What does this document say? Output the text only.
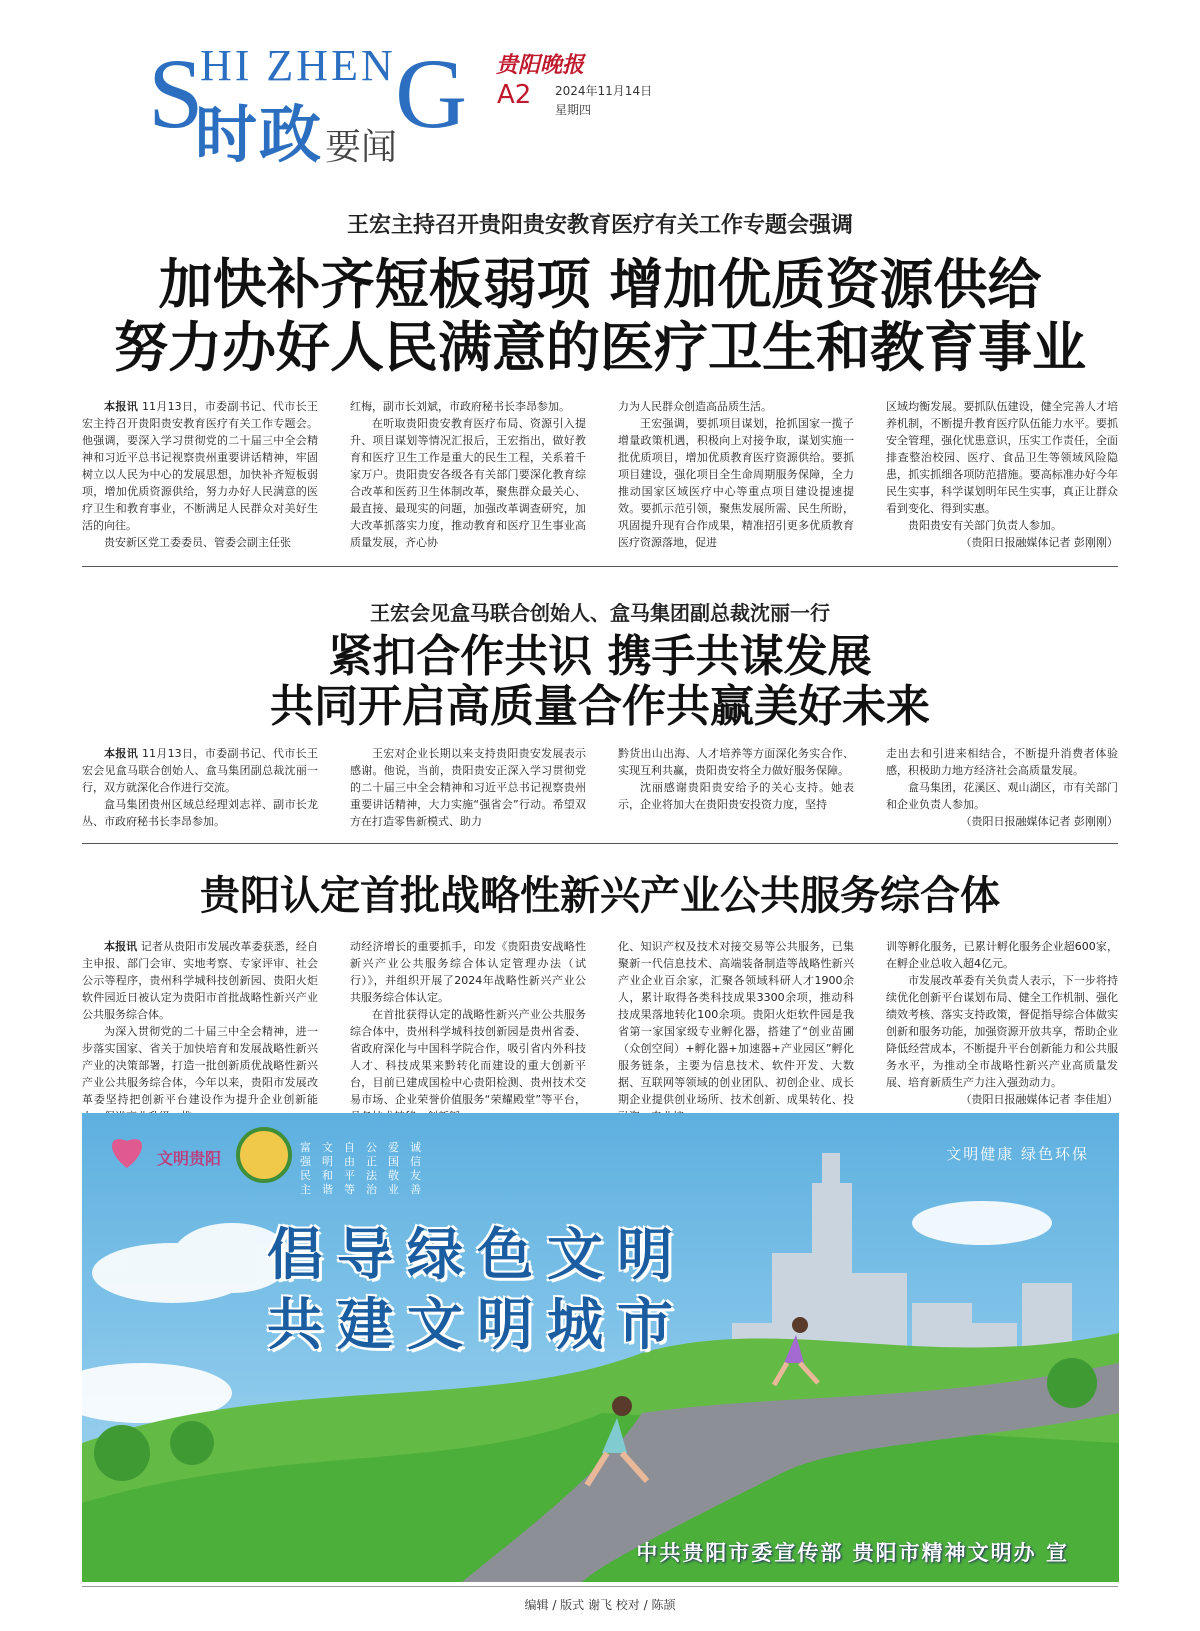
S
HI ZHEN G
时政 要闻
贵阳晚报
A2 2024年11月14日
星期四
王宏主持召开贵阳贵安教育医疗有关工作专题会强调
加快补齐短板弱项 增加优质资源供给
努力办好人民满意的医疗卫生和教育事业

本报讯 11月13日，市委副书记、代市长王宏主持召开贵阳贵安教育医疗有关工作专题会。他强调，要深入学习贯彻党的二十届三中全会精神和习近平总书记视察贵州重要讲话精神，牢固树立以人民为中心的发展思想，加快补齐短板弱项，增加优质资源供给，努力办好人民满意的医疗卫生和教育事业，不断满足人民群众对美好生活的向往。

贵安新区党工委委员、管委会副主任张

红梅，副市长刘斌，市政府秘书长李昂参加。

在听取贵阳贵安教育医疗布局、资源引入提升、项目谋划等情况汇报后，王宏指出，做好教育和医疗卫生工作是重大的民生工程，关系着千家万户。贵阳贵安各级各有关部门要深化教育综合改革和医药卫生体制改革，聚焦群众最关心、最直接、最现实的问题，加强改革调查研究，加大改革抓落实力度，推动教育和医疗卫生事业高质量发展，齐心协

力为人民群众创造高品质生活。

王宏强调，要抓项目谋划，抢抓国家一揽子增量政策机遇，积极向上对接争取，谋划实施一批优质项目，增加优质教育医疗资源供给。要抓项目建设，强化项目全生命周期服务保障，全力推动国家区域医疗中心等重点项目建设提速提效。要抓示范引领，聚焦发展所需、民生所盼，巩固提升现有合作成果，精准招引更多优质教育医疗资源落地，促进

区域均衡发展。要抓队伍建设，健全完善人才培养机制，不断提升教育医疗队伍能力水平。要抓安全管理，强化忧患意识，压实工作责任，全面排查整治校园、医疗、食品卫生等领域风险隐患，抓实抓细各项防范措施。要高标准办好今年民生实事，科学谋划明年民生实事，真正让群众看到变化、得到实惠。

贵阳贵安有关部门负责人参加。

（贵阳日报融媒体记者 彭刚刚）

王宏会见盒马联合创始人、盒马集团副总裁沈丽一行
紧扣合作共识 携手共谋发展
共同开启高质量合作共赢美好未来

本报讯 11月13日，市委副书记、代市长王宏会见盒马联合创始人、盒马集团副总裁沈丽一行，双方就深化合作进行交流。

盒马集团贵州区域总经理刘志祥、副市长龙丛、市政府秘书长李昂参加。

王宏对企业长期以来支持贵阳贵安发展表示感谢。他说，当前，贵阳贵安正深入学习贯彻党的二十届三中全会精神和习近平总书记视察贵州重要讲话精神，大力实施“强省会”行动。希望双方在打造零售新模式、助力

黔货出山出海、人才培养等方面深化务实合作、实现互利共赢，贵阳贵安将全力做好服务保障。

沈丽感谢贵阳贵安给予的关心支持。她表示，企业将加大在贵阳贵安投资力度，坚持

走出去和引进来相结合，不断提升消费者体验感，积极助力地方经济社会高质量发展。

盒马集团，花溪区、观山湖区，市有关部门和企业负责人参加。

（贵阳日报融媒体记者 彭刚刚）

贵阳认定首批战略性新兴产业公共服务综合体

本报讯 记者从贵阳市发展改革委获悉，经自主申报、部门会审、实地考察、专家评审、社会公示等程序，贵州科学城科技创新园、贵阳火炬软件园近日被认定为贵阳市首批战略性新兴产业公共服务综合体。

为深入贯彻党的二十届三中全会精神，进一步落实国家、省关于加快培育和发展战略性新兴产业的决策部署，打造一批创新质优战略性新兴产业公共服务综合体，今年以来，贵阳市发展改革委坚持把创新平台建设作为提升企业创新能

动经济增长的重要抓手，印发《贵阳贵安战略性新兴产业公共服务综合体认定管理办法（试行）》，并组织开展了2024年战略性新兴产业公共服务综合体认定。

在首批获得认定的战略性新兴产业公共服务综合体中，贵州科学城科技创新园是贵州省委、省政府深化与中国科学院合作，吸引省内外科技人才、科技成果来黔转化而建设的重大创新平台，目前已建成国检中心贵阳检测、贵州技术交易市场、企业荣誉价值服务“荣耀殿堂”等平台，

化、知识产权及技术对接交易等公共服务，已集聚新一代信息技术、高端装备制造等战略性新兴产业企业百余家，汇聚各领域科研人才1900余人，累计取得各类科技成果3300余项，推动科技成果落地转化100余项。贵阳火炬软件园是我省第一家国家级专业孵化器，搭建了“创业苗圃（众创空间）+孵化器+加速器+产业园区”孵化服务链条，主要为信息技术、软件开发、大数据、互联网等领域的创业团队、初创企业、成长期企业提供创业场所、技术创新、成果转化、投

训等孵化服务，已累计孵化服务企业超600家，在孵企业总收入超4亿元。

市发展改革委有关负责人表示，下一步将持续优化创新平台谋划布局、健全工作机制、强化绩效考核、落实支持政策，督促指导综合体做实创新和服务功能，加强资源开放共享，帮助企业降低经营成本，不断提升平台创新能力和公共服务水平，为推动全市战略性新兴产业高质量发展、培育新质生产力注入强劲动力。

（贵阳日报融媒体记者 李佳旭）

文明贵阳
富强民主
文明和谐
自由平等
公正法治
爱国敬业
诚信友善
文明健康 绿色环保
倡导绿色文明
共建文明城市
中共贵阳市委宣传部 贵阳市精神文明办 宣
编辑 / 版式 谢飞 校对 / 陈颉
